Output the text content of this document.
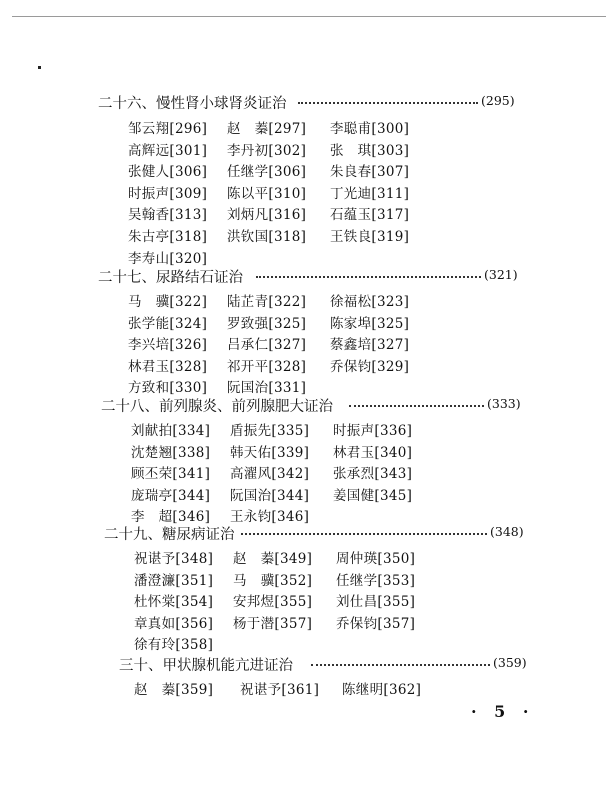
二十六、慢性肾小球肾炎证治	(295)
邹云翔[296] 赵　蓁[297] 李聪甫[300]
高辉远[301] 李丹初[302] 张　琪[303]
张健人[306] 任继学[306] 朱良春[307]
时振声[309] 陈以平[310] 丁光迪[311]
吴翰香[313] 刘炳凡[316] 石蕴玉[317]
朱古亭[318] 洪钦国[318] 王铁良[319]
李寿山[320]
二十七、尿路结石证治	(321)
马　骥[322] 陆芷青[322] 徐福松[323]
张学能[324] 罗致强[325] 陈家埠[325]
李兴培[326] 吕承仁[327] 蔡鑫培[327]
林君玉[328] 祁开平[328] 乔保钧[329]
方致和[330] 阮国治[331]
二十八、前列腺炎、前列腺肥大证治	(333)
刘献拍[334] 盾振先[335] 时振声[336]
沈楚翘[338] 韩天佑[339] 林君玉[340]
顾丕荣[341] 高濯风[342] 张承烈[343]
庞瑞亭[344] 阮国治[344] 姜国健[345]
李　超[346] 王永钧[346]
二十九、糖尿病证治	(348)
祝谌予[348] 赵　蓁[349] 周仲瑛[350]
潘澄濂[351] 马　骥[352] 任继学[353]
杜怀棠[354] 安邦煜[355] 刘仕昌[355]
章真如[356] 杨于潜[357] 乔保钧[357]
徐有玲[358]
三十、甲状腺机能亢进证治	(359)
赵　蓁[359] 祝谌予[361] 陈继明[362]
· 5 ·
